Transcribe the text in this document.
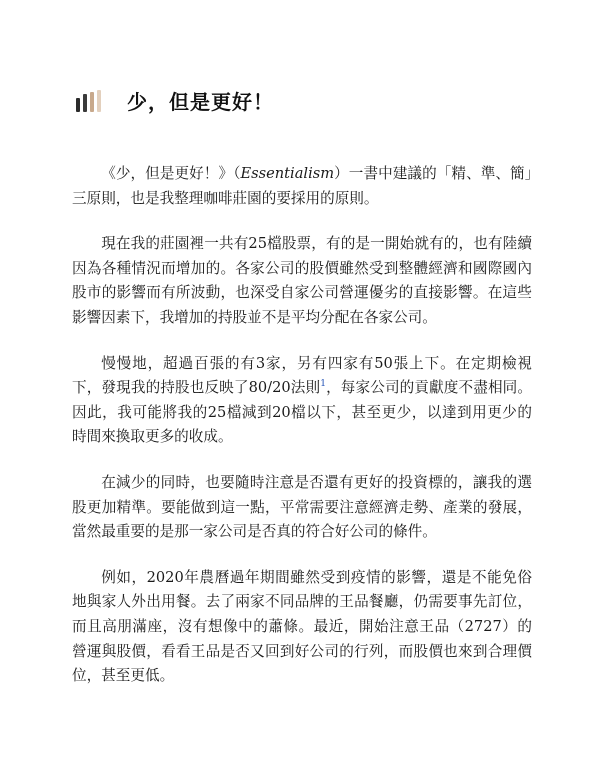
少，但是更好！

《少，但是更好！》（Essentialism）一書中建議的「精、準、簡」三原則，也是我整理咖啡莊園的要採用的原則。

現在我的莊園裡一共有25檔股票，有的是一開始就有的，也有陸續因為各種情況而增加的。各家公司的股價雖然受到整體經濟和國際國內股市的影響而有所波動，也深受自家公司營運優劣的直接影響。在這些影響因素下，我增加的持股並不是平均分配在各家公司。

慢慢地，超過百張的有3家，另有四家有50張上下。在定期檢視下，發現我的持股也反映了80/20法則$^1$，每家公司的貢獻度不盡相同。因此，我可能將我的25檔減到20檔以下，甚至更少，以達到用更少的時間來換取更多的收成。

在減少的同時，也要隨時注意是否還有更好的投資標的，讓我的選股更加精準。要能做到這一點，平常需要注意經濟走勢、產業的發展，當然最重要的是那一家公司是否真的符合好公司的條件。

例如，2020年農曆過年期間雖然受到疫情的影響，還是不能免俗地與家人外出用餐。去了兩家不同品牌的王品餐廳，仍需要事先訂位，而且高朋滿座，沒有想像中的蕭條。最近，開始注意王品（2727）的營運與股價，看看王品是否又回到好公司的行列，而股價也來到合理價位，甚至更低。
